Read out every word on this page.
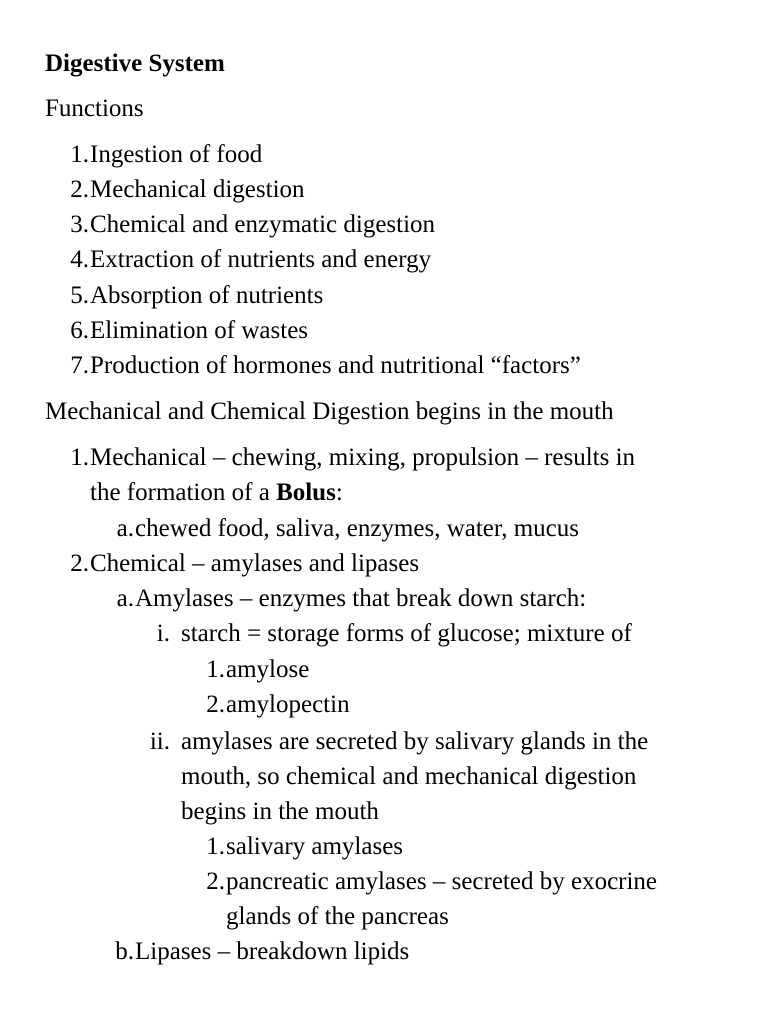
Digestive System
Functions
1. Ingestion of food
2. Mechanical digestion
3. Chemical and enzymatic digestion
4. Extraction of nutrients and energy
5. Absorption of nutrients
6. Elimination of wastes
7. Production of hormones and nutritional “factors”
Mechanical and Chemical Digestion begins in the mouth
1. Mechanical – chewing, mixing, propulsion – results in
the formation of a Bolus:
a. chewed food, saliva, enzymes, water, mucus
2. Chemical – amylases and lipases
a. Amylases – enzymes that break down starch:
i. starch = storage forms of glucose; mixture of
1. amylose
2. amylopectin
ii. amylases are secreted by salivary glands in the
mouth, so chemical and mechanical digestion
begins in the mouth
1. salivary amylases
2. pancreatic amylases – secreted by exocrine
glands of the pancreas
b. Lipases – breakdown lipids
